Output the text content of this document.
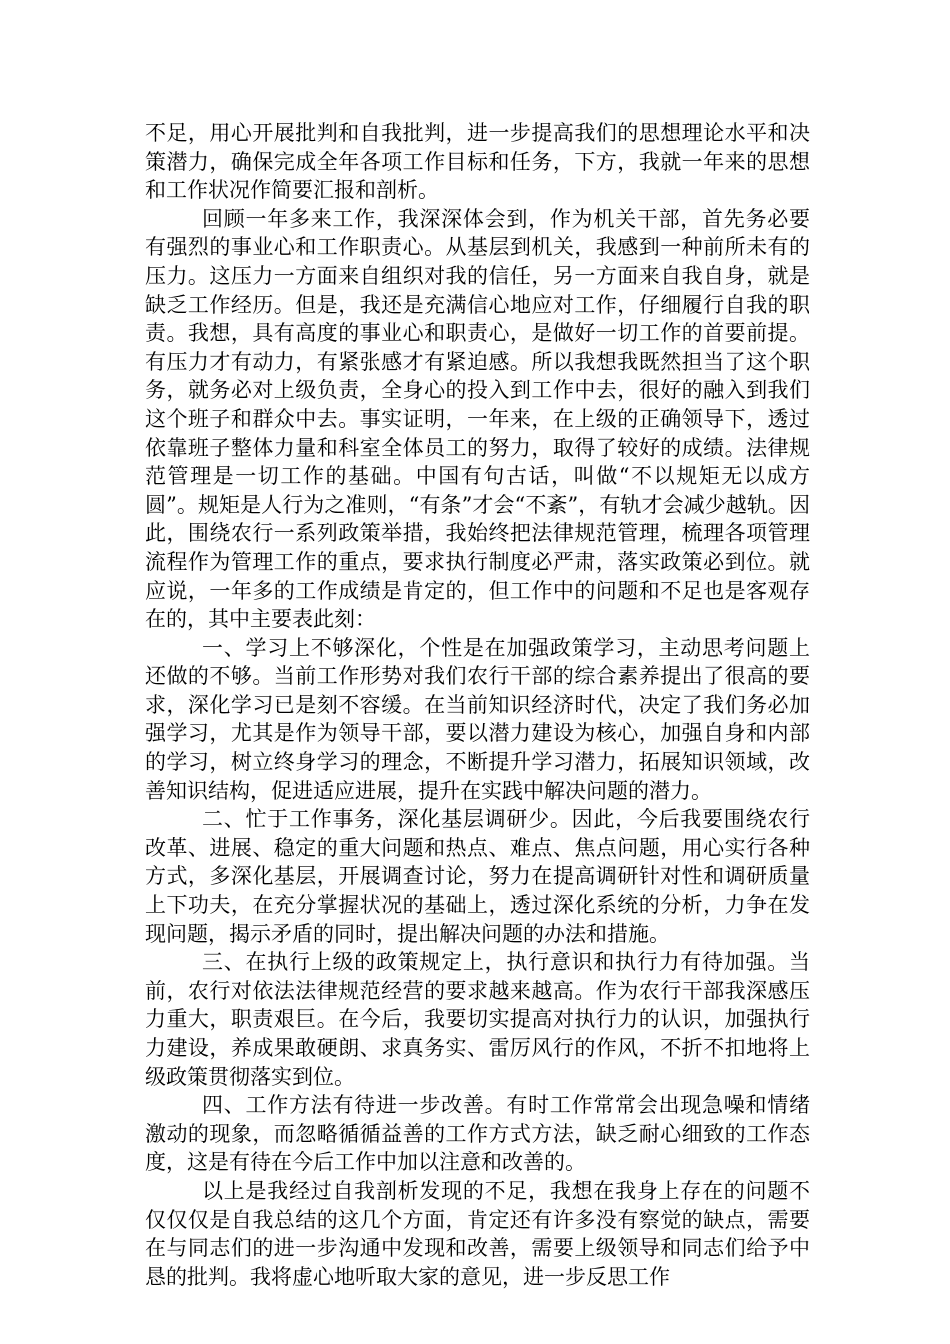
不足，用心开展批判和自我批判，进一步提高我们的思想理论水平和决策潜力，确保完成全年各项工作目标和任务，下方，我就一年来的思想和工作状况作简要汇报和剖析。

回顾一年多来工作，我深深体会到，作为机关干部，首先务必要有强烈的事业心和工作职责心。从基层到机关，我感到一种前所未有的压力。这压力一方面来自组织对我的信任，另一方面来自我自身，就是缺乏工作经历。但是，我还是充满信心地应对工作，仔细履行自我的职责。我想，具有高度的事业心和职责心，是做好一切工作的首要前提。有压力才有动力，有紧张感才有紧迫感。所以我想我既然担当了这个职务，就务必对上级负责，全身心的投入到工作中去，很好的融入到我们这个班子和群众中去。事实证明，一年来，在上级的正确领导下，透过依靠班子整体力量和科室全体员工的努力，取得了较好的成绩。法律规范管理是一切工作的基础。中国有句古话，叫做“不以规矩无以成方圆”。规矩是人行为之准则，“有条”才会“不紊”，有轨才会减少越轨。因此，围绕农行一系列政策举措，我始终把法律规范管理，梳理各项管理流程作为管理工作的重点，要求执行制度必严肃，落实政策必到位。就应说，一年多的工作成绩是肯定的，但工作中的问题和不足也是客观存在的，其中主要表此刻：

一、学习上不够深化，个性是在加强政策学习，主动思考问题上还做的不够。当前工作形势对我们农行干部的综合素养提出了很高的要求，深化学习已是刻不容缓。在当前知识经济时代，决定了我们务必加强学习，尤其是作为领导干部，要以潜力建设为核心，加强自身和内部的学习，树立终身学习的理念，不断提升学习潜力，拓展知识领域，改善知识结构，促进适应进展，提升在实践中解决问题的潜力。

二、忙于工作事务，深化基层调研少。因此，今后我要围绕农行改革、进展、稳定的重大问题和热点、难点、焦点问题，用心实行各种方式，多深化基层，开展调查讨论，努力在提高调研针对性和调研质量上下功夫，在充分掌握状况的基础上，透过深化系统的分析，力争在发现问题，揭示矛盾的同时，提出解决问题的办法和措施。

三、在执行上级的政策规定上，执行意识和执行力有待加强。当前，农行对依法法律规范经营的要求越来越高。作为农行干部我深感压力重大，职责艰巨。在今后，我要切实提高对执行力的认识，加强执行力建设，养成果敢硬朗、求真务实、雷厉风行的作风，不折不扣地将上级政策贯彻落实到位。

四、工作方法有待进一步改善。有时工作常常会出现急噪和情绪激动的现象，而忽略循循益善的工作方式方法，缺乏耐心细致的工作态度，这是有待在今后工作中加以注意和改善的。

以上是我经过自我剖析发现的不足，我想在我身上存在的问题不仅仅仅是自我总结的这几个方面，肯定还有许多没有察觉的缺点，需要在与同志们的进一步沟通中发现和改善，需要上级领导和同志们给予中恳的批判。我将虚心地听取大家的意见，进一步反思工作
